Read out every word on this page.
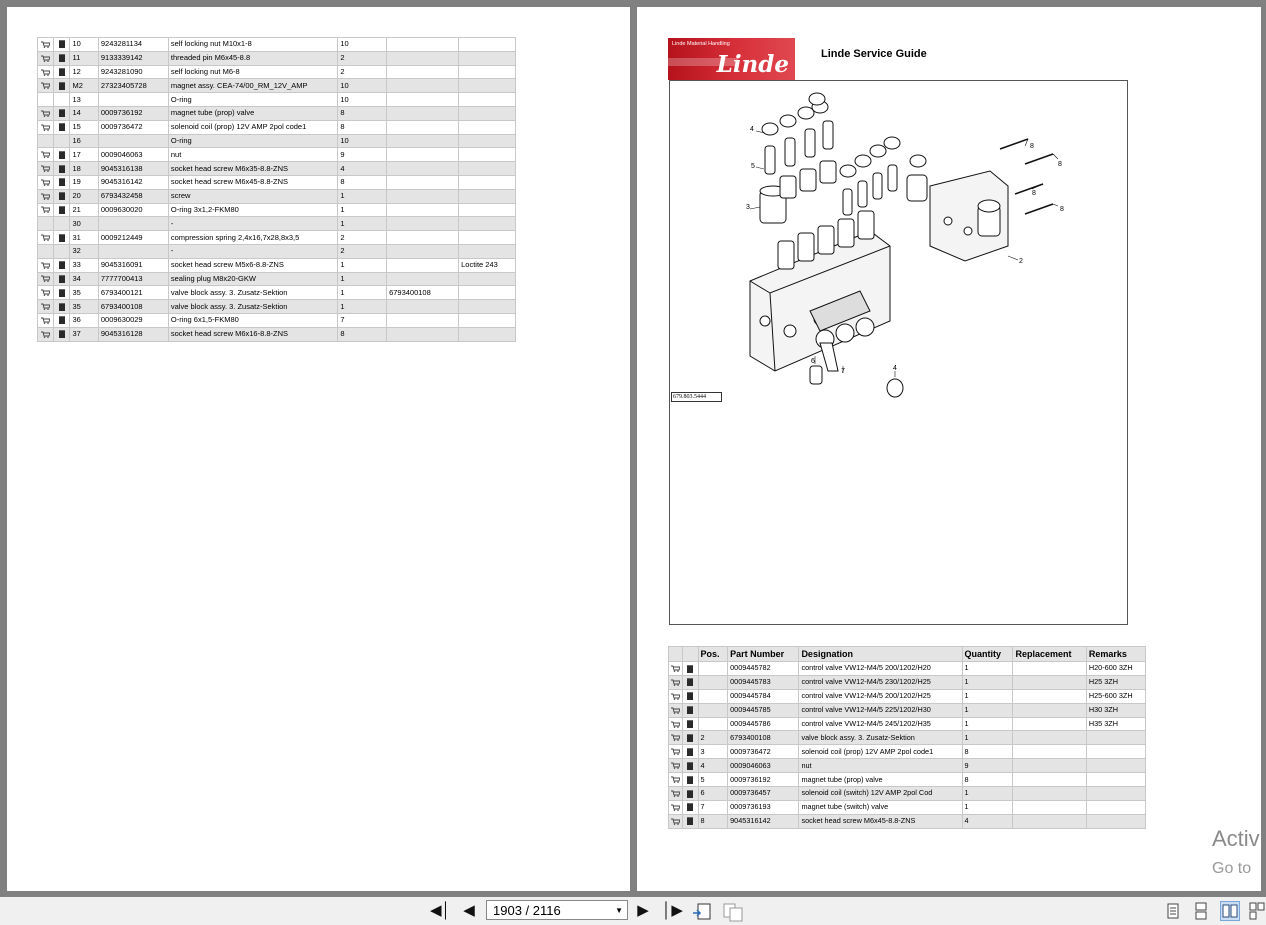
		10	9243281134	self locking nut M10x1-8	10		
		11	9133339142	threaded pin M6x45-8.8	2		
		12	9243281090	self locking nut M6-8	2		
		M2	27323405728	magnet assy. CEA-74/00_RM_12V_AMP	10		
		13		O-ring	10		
		14	0009736192	magnet tube (prop) valve	8		
		15	0009736472	solenoid coil (prop) 12V AMP 2pol code1	8		
		16		O-ring	10		
		17	0009046063	nut	9		
		18	9045316138	socket head screw M6x35-8.8-ZNS	4		
		19	9045316142	socket head screw M6x45-8.8-ZNS	8		
		20	6793432458	screw	1		
		21	0009630020	O-ring 3x1,2-FKM80	1		
		30		-	1		
		31	0009212449	compression spring 2,4x16,7x28,8x3,5	2		
		32		-	2		
		33	9045316091	socket head screw M5x6-8.8-ZNS	1		Loctite 243
		34	7777700413	sealing plug M8x20-GKW	1		
		35	6793400121	valve block assy. 3. Zusatz-Sektion	1	6793400108	
		35	6793400108	valve block assy. 3. Zusatz-Sektion	1		
		36	0009630029	O-ring 6x1,5-FKM80	7		
		37	9045316128	socket head screw M6x16-8.8-ZNS	8		
Linde Material Handling
Linde	Linde Service Guide
2
3
4
5
6
7
8
4
8
8
8
679.803.5444
		Pos.	Part Number	Designation	Quantity	Replacement	Remarks
			0009445782	control valve VW12-M4/5 200/1202/H20	1		H20-600 3ZH
			0009445783	control valve VW12-M4/5 230/1202/H25	1		H25 3ZH
			0009445784	control valve VW12-M4/5 200/1202/H25	1		H25-600 3ZH
			0009445785	control valve VW12-M4/5 225/1202/H30	1		H30 3ZH
			0009445786	control valve VW12-M4/5 245/1202/H35	1		H35 3ZH
		2	6793400108	valve block assy. 3. Zusatz-Sektion	1		
		3	0009736472	solenoid coil (prop) 12V AMP 2pol code1	8		
		4	0009046063	nut	9		
		5	0009736192	magnet tube (prop) valve	8		
		6	0009736457	solenoid coil (switch) 12V AMP 2pol Cod	1		
		7	0009736193	magnet tube (switch) valve	1		
		8	9045316142	socket head screw M6x45-8.8-ZNS	4		
Activ
Go to
◀│ ◀	1903 / 2116	▼ ▶ │▶
